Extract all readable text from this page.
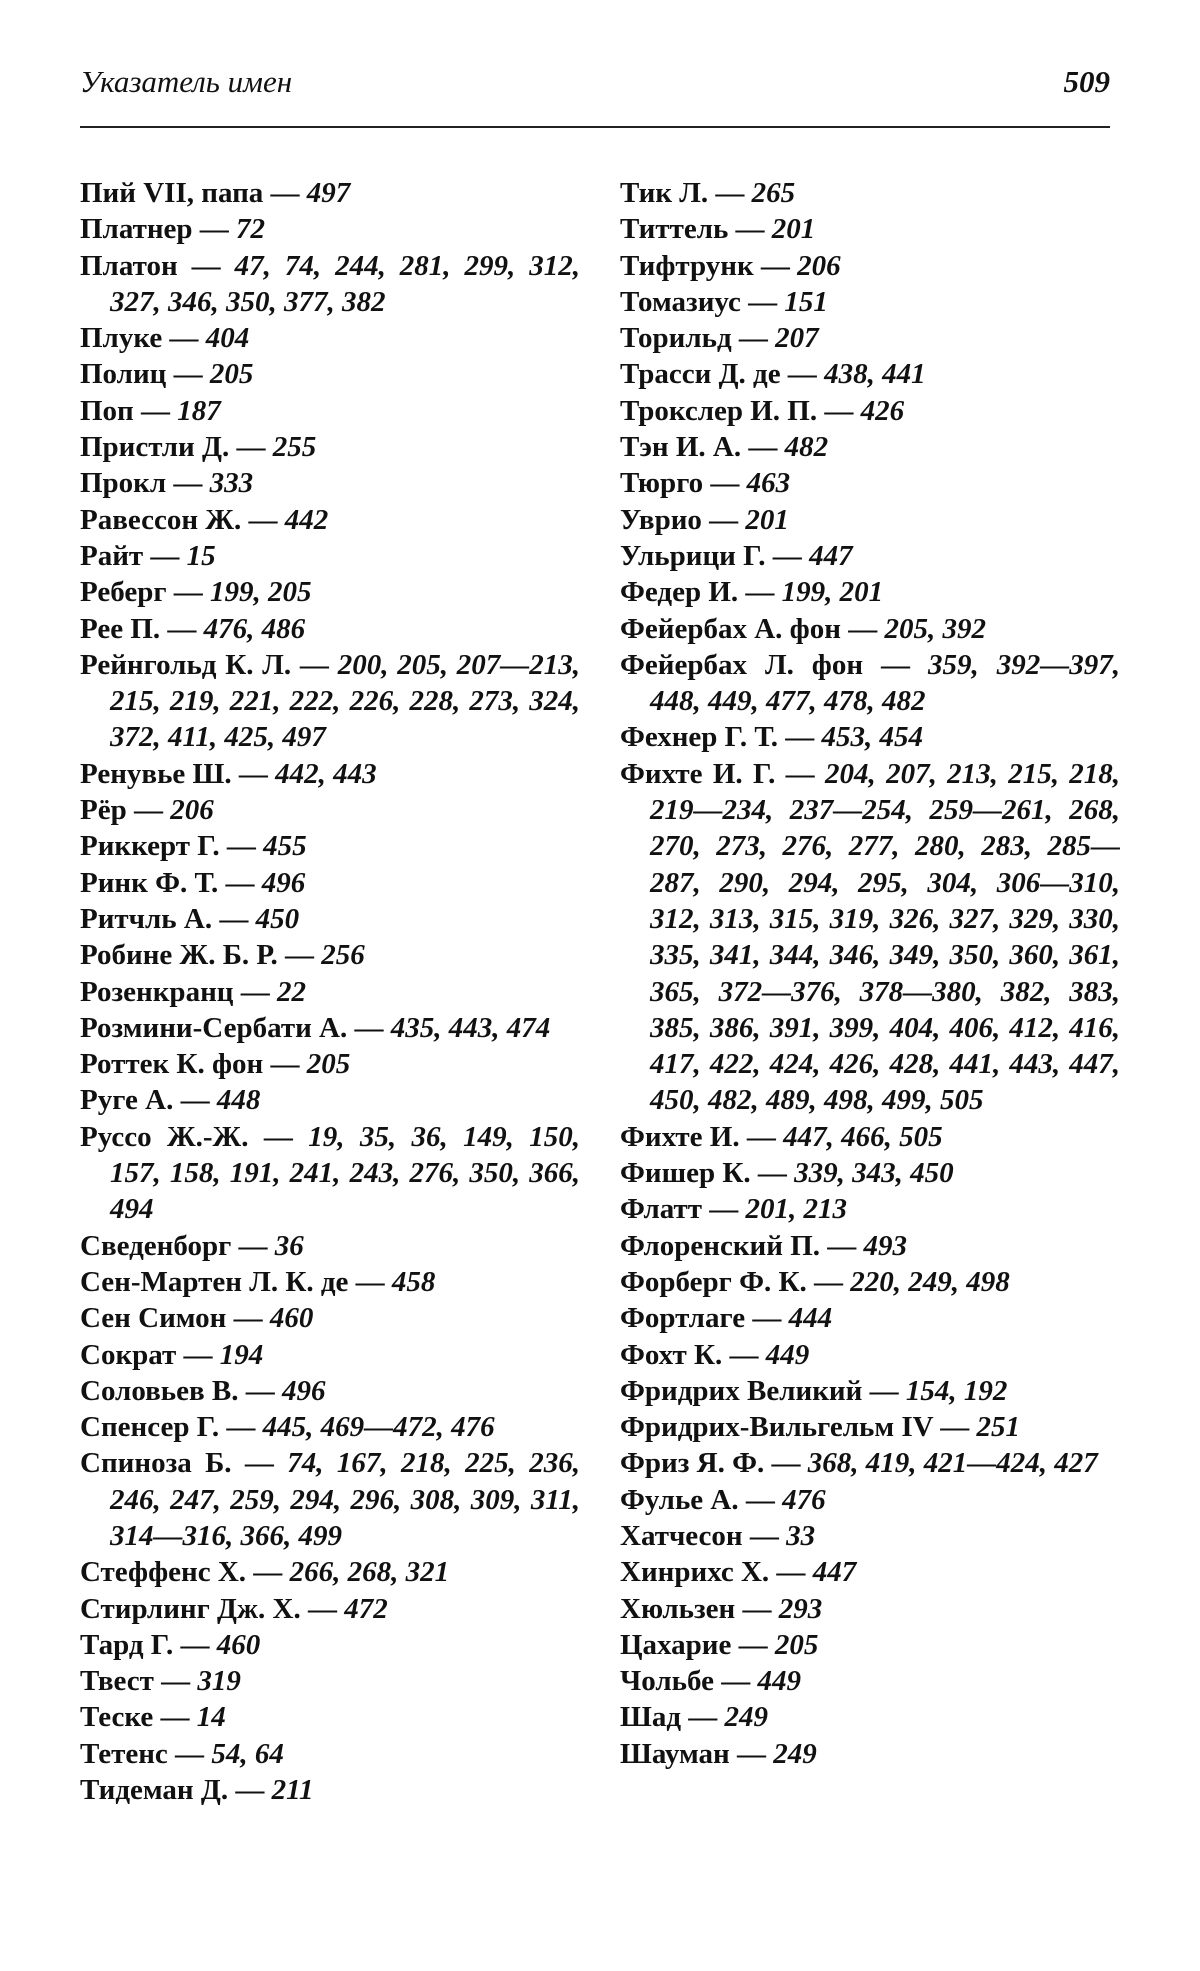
Указатель имен	509
Пий VII, папа — 497
Платнер — 72
Платон — 47, 74, 244, 281, 299, 312, 327, 346, 350, 377, 382
Плуке — 404
Полиц — 205
Поп — 187
Пристли Д. — 255
Прокл — 333
Равессон Ж. — 442
Райт — 15
Реберг — 199, 205
Рее П. — 476, 486
Рейнгольд К. Л. — 200, 205, 207—213, 215, 219, 221, 222, 226, 228, 273, 324, 372, 411, 425, 497
Ренувье Ш. — 442, 443
Рёр — 206
Риккерт Г. — 455
Ринк Ф. Т. — 496
Ритчль А. — 450
Робине Ж. Б. Р. — 256
Розенкранц — 22
Розмини-Сербати А. — 435, 443, 474
Роттек К. фон — 205
Руге А. — 448
Руссо Ж.-Ж. — 19, 35, 36, 149, 150, 157, 158, 191, 241, 243, 276, 350, 366, 494
Сведенборг — 36
Сен-Мартен Л. К. де — 458
Сен Симон — 460
Сократ — 194
Соловьев В. — 496
Спенсер Г. — 445, 469—472, 476
Спиноза Б. — 74, 167, 218, 225, 236, 246, 247, 259, 294, 296, 308, 309, 311, 314—316, 366, 499
Стеффенс Х. — 266, 268, 321
Стирлинг Дж. Х. — 472
Тард Г. — 460
Твест — 319
Теске — 14
Тетенс — 54, 64
Тидеман Д. — 211
Тик Л. — 265
Титтель — 201
Тифтрунк — 206
Томазиус — 151
Торильд — 207
Трасси Д. де — 438, 441
Трокслер И. П. — 426
Тэн И. А. — 482
Тюрго — 463
Уврио — 201
Ульрици Г. — 447
Федер И. — 199, 201
Фейербах А. фон — 205, 392
Фейербах Л. фон — 359, 392—397, 448, 449, 477, 478, 482
Фехнер Г. Т. — 453, 454
Фихте И. Г. — 204, 207, 213, 215, 218, 219—234, 237—254, 259—261, 268, 270, 273, 276, 277, 280, 283, 285—287, 290, 294, 295, 304, 306—310, 312, 313, 315, 319, 326, 327, 329, 330, 335, 341, 344, 346, 349, 350, 360, 361, 365, 372—376, 378—380, 382, 383, 385, 386, 391, 399, 404, 406, 412, 416, 417, 422, 424, 426, 428, 441, 443, 447, 450, 482, 489, 498, 499, 505
Фихте И. — 447, 466, 505
Фишер К. — 339, 343, 450
Флатт — 201, 213
Флоренский П. — 493
Форберг Ф. К. — 220, 249, 498
Фортлаге — 444
Фохт К. — 449
Фридрих Великий — 154, 192
Фридрих-Вильгельм IV — 251
Фриз Я. Ф. — 368, 419, 421—424, 427
Фулье А. — 476
Хатчесон — 33
Хинрихс Х. — 447
Хюльзен — 293
Цахарие — 205
Чольбе — 449
Шад — 249
Шауман — 249
